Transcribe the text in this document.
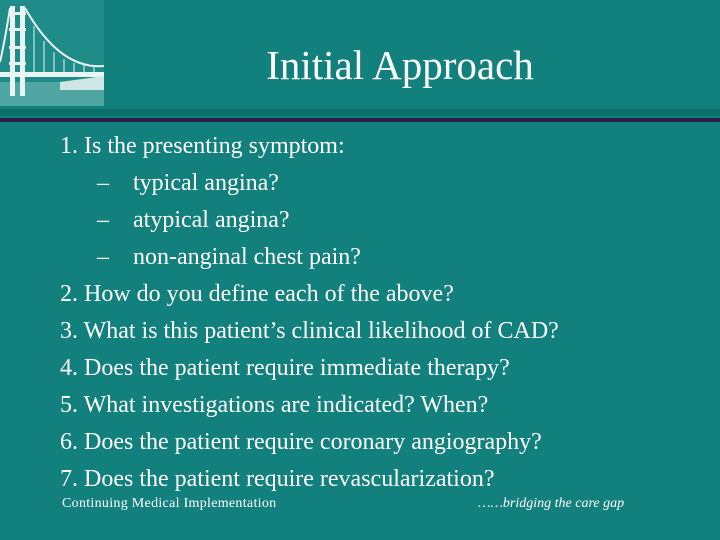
Initial Approach
1. Is the presenting symptom:
– typical angina?
– atypical angina?
– non-anginal chest pain?
2. How do you define each of the above?
3. What is this patient’s clinical likelihood of CAD?
4. Does the patient require immediate therapy?
5. What investigations are indicated? When?
6. Does the patient require coronary angiography?
7. Does the patient require revascularization?
Continuing Medical Implementation	……bridging the care gap
